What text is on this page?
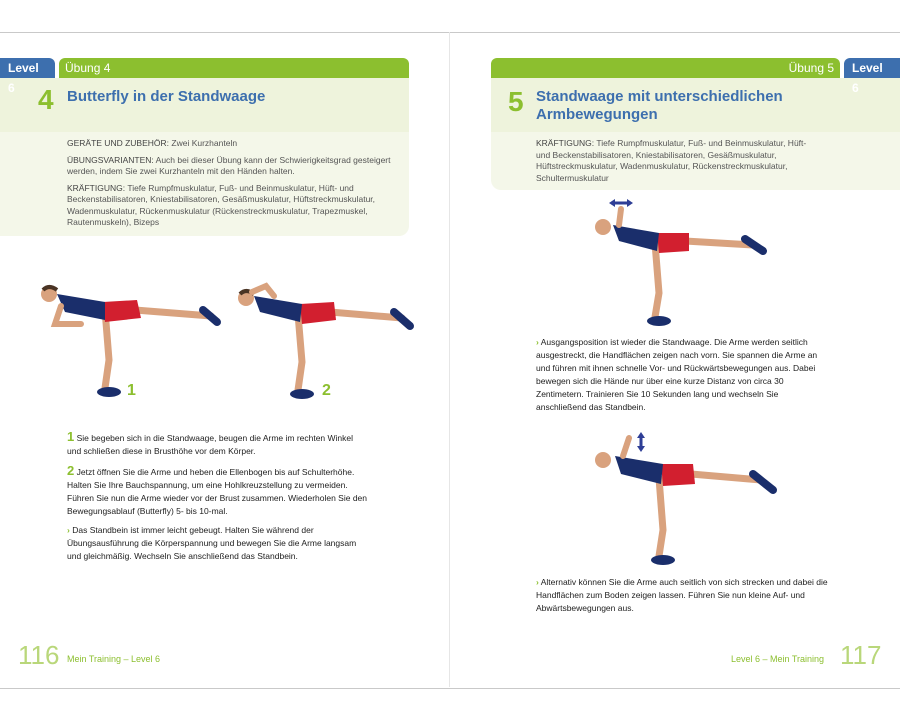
Level 6
Übung 4
4 Butterfly in der Standwaage

GERÄTE UND ZUBEHÖR: Zwei Kurzhanteln

ÜBUNGSVARIANTEN: Auch bei dieser Übung kann der Schwierigkeitsgrad gesteigert werden, indem Sie zwei Kurzhanteln mit den Händen halten.

KRÄFTIGUNG: Tiefe Rumpfmuskulatur, Fuß- und Beinmuskulatur, Hüft- und Beckenstabilisatoren, Kniestabilisatoren, Gesäßmuskulatur, Hüftstreckmuskulatur, Wadenmuskulatur, Rückenmuskulatur (Rückenstreckmuskulatur, Trapezmuskel, Rautenmuskeln), Bizeps

1	2

1 Sie begeben sich in die Standwaage, beugen die Arme im rechten Winkel und schließen diese in Brusthöhe vor dem Körper.

2 Jetzt öffnen Sie die Arme und heben die Ellenbogen bis auf Schulterhöhe. Halten Sie Ihre Bauchspannung, um eine Hohlkreuzstellung zu vermeiden. Führen Sie nun die Arme wieder vor der Brust zusammen. Wiederholen Sie den Bewegungsablauf (Butterfly) 5- bis 10-mal.

› Das Standbein ist immer leicht gebeugt. Halten Sie während der Übungsausführung die Körperspannung und bewegen Sie die Arme langsam und gleichmäßig. Wechseln Sie anschließend das Standbein.

116 Mein Training – Level 6
Übung 5	Level 6
5 Standwaage mit unterschiedlichen Armbewegungen

KRÄFTIGUNG: Tiefe Rumpfmuskulatur, Fuß- und Beinmuskulatur, Hüft- und Beckenstabilisatoren, Kniestabilisatoren, Gesäßmuskulatur, Hüftstreckmuskulatur, Wadenmuskulatur, Rückenstreckmuskulatur, Schultermuskulatur

› Ausgangsposition ist wieder die Standwaage. Die Arme werden seitlich ausgestreckt, die Handflächen zeigen nach vorn. Sie spannen die Arme an und führen mit ihnen schnelle Vor- und Rückwärtsbewegungen aus. Dabei bewegen sich die Hände nur über eine kurze Distanz von circa 30 Zentimetern. Trainieren Sie 10 Sekunden lang und wechseln Sie anschließend das Standbein.

› Alternativ können Sie die Arme auch seitlich von sich strecken und dabei die Handflächen zum Boden zeigen lassen. Führen Sie nun kleine Auf- und Abwärtsbewegungen aus.

Level 6 – Mein Training 117
